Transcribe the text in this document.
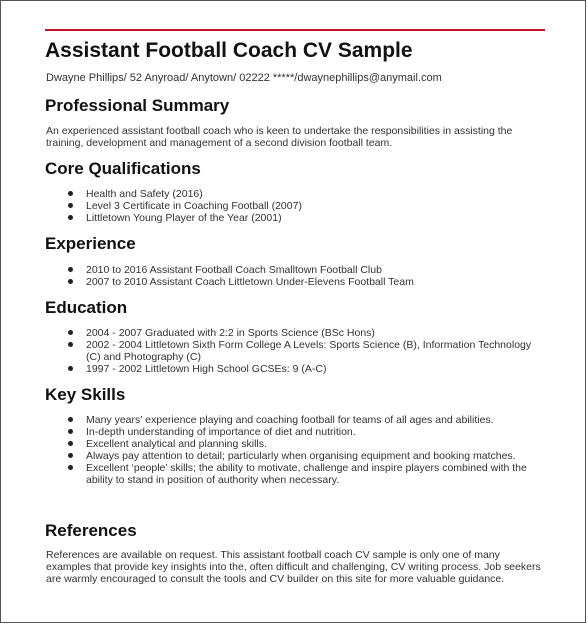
Assistant Football Coach CV Sample
Dwayne Phillips/ 52 Anyroad/ Anytown/ 02222 *****/dwaynephillips@anymail.com
Professional Summary
An experienced assistant football coach who is keen to undertake the responsibilities in assisting the training, development and management of a second division football team.
Core Qualifications
Health and Safety (2016)
Level 3 Certificate in Coaching Football (2007)
Littletown Young Player of the Year (2001)
Experience
2010 to 2016 Assistant Football Coach Smalltown Football Club
2007 to 2010 Assistant Coach Littletown Under-Elevens Football Team
Education
2004 - 2007 Graduated with 2:2 in Sports Science (BSc Hons)
2002 - 2004 Littletown Sixth Form College A Levels: Sports Science (B), Information Technology (C) and Photography (C)
1997 - 2002 Littletown High School GCSEs: 9 (A-C)
Key Skills
Many years’ experience playing and coaching football for teams of all ages and abilities.
In-depth understanding of importance of diet and nutrition.
Excellent analytical and planning skills.
Always pay attention to detail; particularly when organising equipment and booking matches.
Excellent ‘people’ skills; the ability to motivate, challenge and inspire players combined with the ability to stand in position of authority when necessary.
References
References are available on request. This assistant football coach CV sample is only one of many examples that provide key insights into the, often difficult and challenging, CV writing process. Job seekers are warmly encouraged to consult the tools and CV builder on this site for more valuable guidance.
